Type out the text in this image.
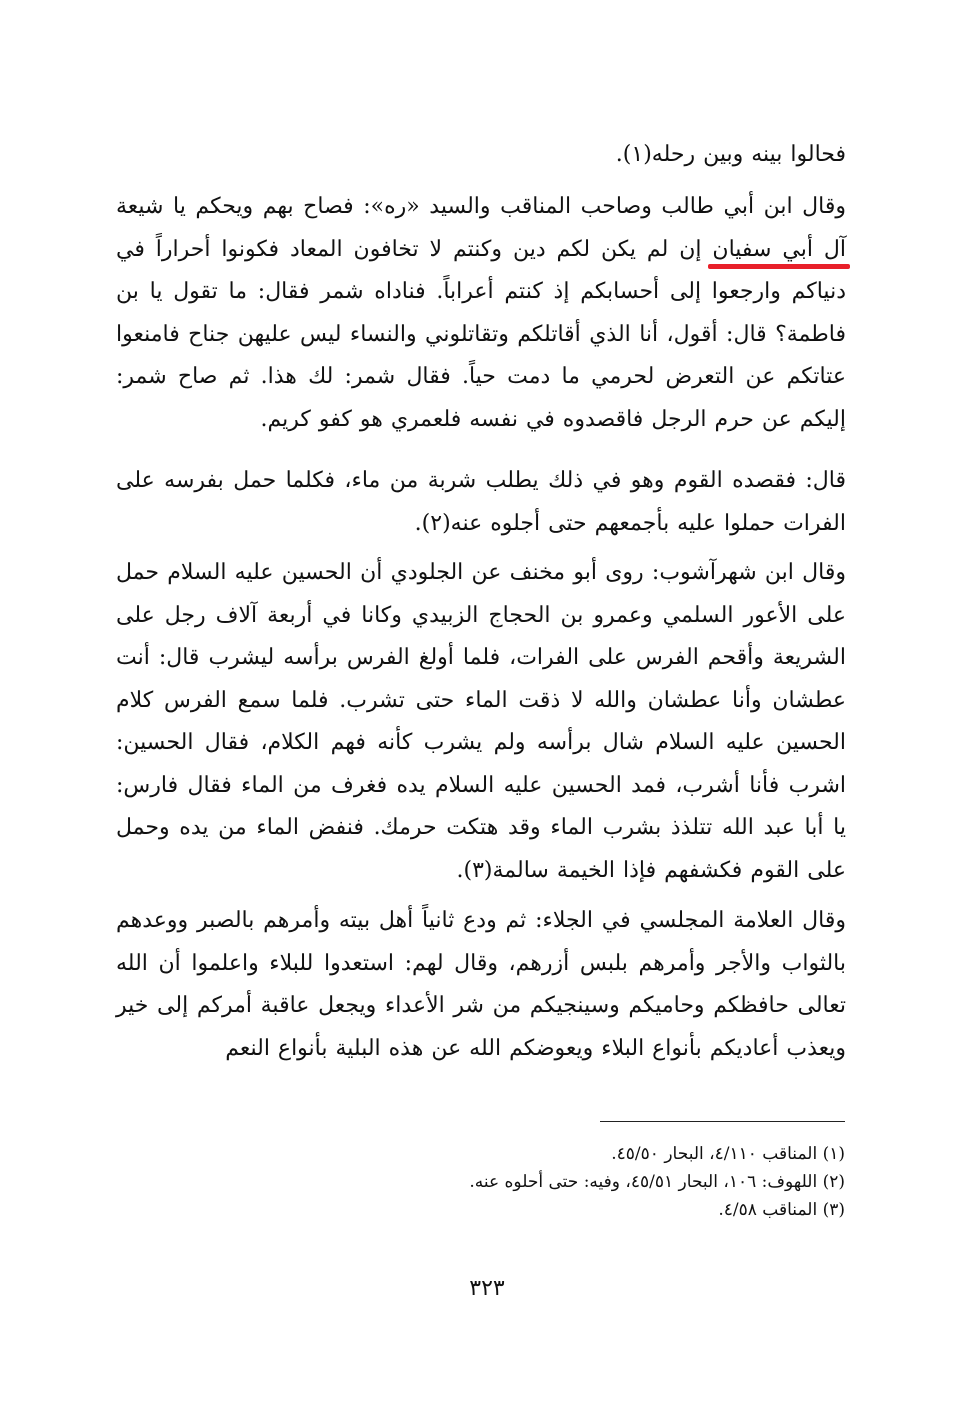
فحالوا بينه وبين رحله(١).

وقال ابن أبي طالب وصاحب المناقب والسيد «ره»: فصاح بهم ويحكم يا شيعة آل أبي سفيان إن لم يكن لكم دين وكنتم لا تخافون المعاد فكونوا أحراراً في دنياكم وارجعوا إلى أحسابكم إذ كنتم أعراباً. فناداه شمر فقال: ما تقول يا بن فاطمة؟ قال: أقول، أنا الذي أقاتلكم وتقاتلوني والنساء ليس عليهن جناح فامنعوا عتاتكم عن التعرض لحرمي ما دمت حياً. فقال شمر: لك هذا. ثم صاح شمر: إليكم عن حرم الرجل فاقصدوه في نفسه فلعمري هو كفو كريم.

قال: فقصده القوم وهو في ذلك يطلب شربة من ماء، فكلما حمل بفرسه على الفرات حملوا عليه بأجمعهم حتى أجلوه عنه(٢).

وقال ابن شهرآشوب: روى أبو مخنف عن الجلودي أن الحسين عليه السلام حمل على الأعور السلمي وعمرو بن الحجاج الزبيدي وكانا في أربعة آلاف رجل على الشريعة وأقحم الفرس على الفرات، فلما أولغ الفرس برأسه ليشرب قال: أنت عطشان وأنا عطشان والله لا ذقت الماء حتى تشرب. فلما سمع الفرس كلام الحسين عليه السلام شال برأسه ولم يشرب كأنه فهم الكلام، فقال الحسين: اشرب فأنا أشرب، فمد الحسين عليه السلام يده فغرف من الماء فقال فارس: يا أبا عبد الله تتلذذ بشرب الماء وقد هتكت حرمك. فنفض الماء من يده وحمل على القوم فكشفهم فإذا الخيمة سالمة(٣).

وقال العلامة المجلسي في الجلاء: ثم ودع ثانياً أهل بيته وأمرهم بالصبر ووعدهم بالثواب والأجر وأمرهم بلبس أزرهم، وقال لهم: استعدوا للبلاء واعلموا أن الله تعالى حافظكم وحاميكم وسينجيكم من شر الأعداء ويجعل عاقبة أمركم إلى خير ويعذب أعاديكم بأنواع البلاء ويعوضكم الله عن هذه البلية بأنواع النعم

(١) المناقب ٤/١١٠، البحار ٤٥/٥٠.

(٢) اللهوف: ١٠٦، البحار ٤٥/٥١، وفيه: حتى أحلوه عنه.

(٣) المناقب ٤/٥٨.

٣٢٣
